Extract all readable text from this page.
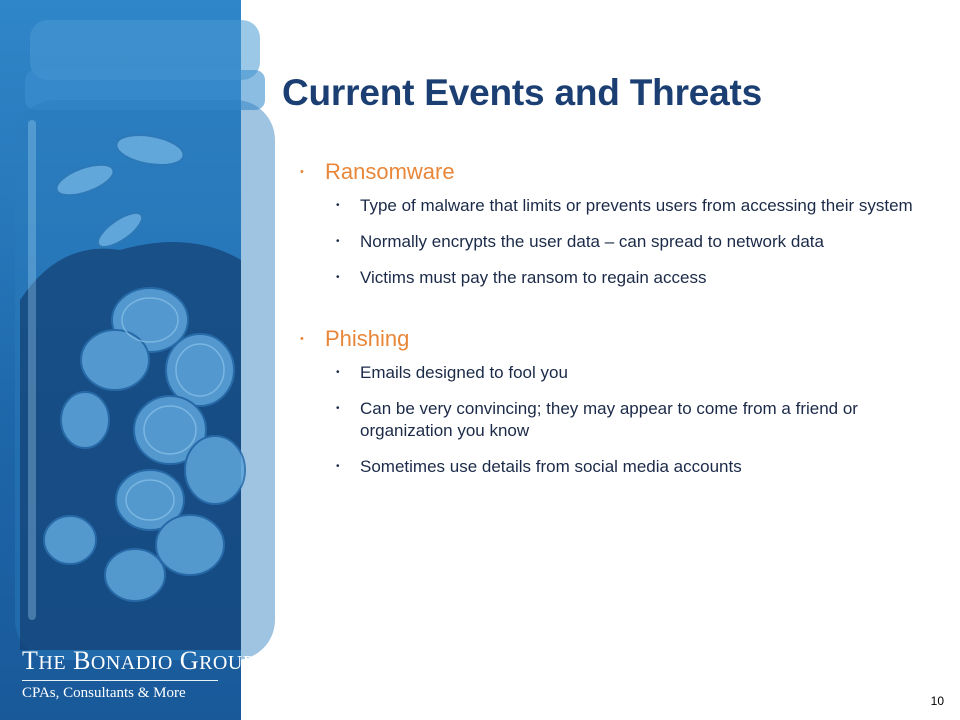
THE BONADIO GROUP
CPAs, Consultants & More
Current Events and Threats
• Ransomware
• Type of malware that limits or prevents users from accessing their system
• Normally encrypts the user data – can spread to network data
• Victims must pay the ransom to regain access
• Phishing
• Emails designed to fool you
• Can be very convincing; they may appear to come from a friend or organization you know
• Sometimes use details from social media accounts
10
